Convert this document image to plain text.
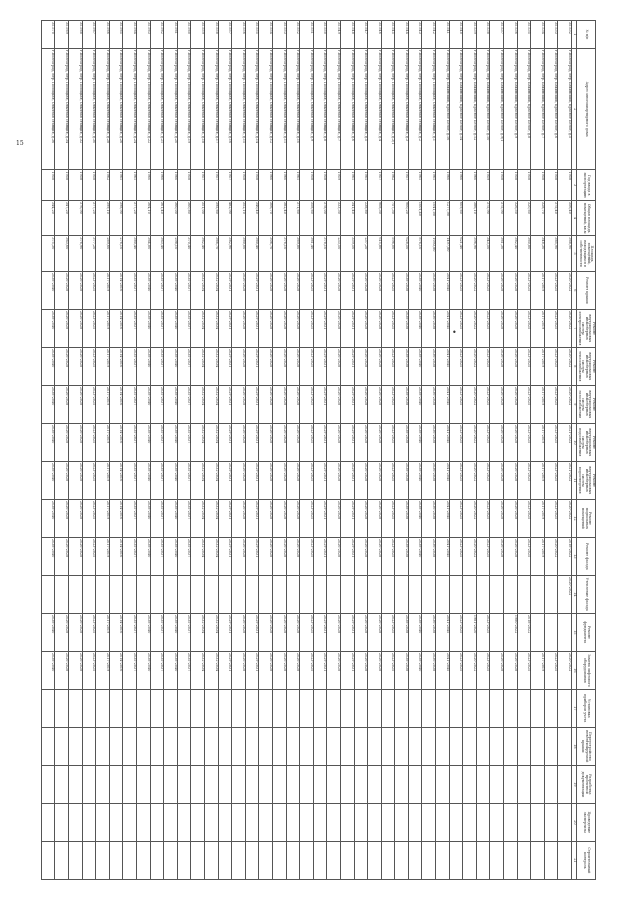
15
№ п/п	Адрес многоквартирного дома	Год ввода в эксплуатацию	Общая площадь помещений, кв.м	Площадь помещений, находящихся в собственности	Ремонт крыши	Ремонт внутридомовых инженерных систем электроснабжения	Ремонт внутридомовых инженерных систем теплоснабжения	Ремонт внутридомовых инженерных систем газоснабжения	Ремонт внутридомовых инженерных систем водоснабжения	Ремонт внутридомовых инженерных систем водоотведения	Ремонт подвальных помещений	Ремонт фасада	Утепление фасада	Ремонт фундамента	Замена лифтового оборудования	Установка приборов учета	Переустройство невентилируемой крыши	Разработка проектной документации	Проведение экспертизы	Строительный контроль
1	2	3	4	5	6	7	8	9	10	11	12	13	14	15	16	17	18	19	20	21
35.532	г.Волгоград, пер. Бакинский, Красное Белое, д.5	1958	356,40	368,90	2020-2022	2020-2022	2020-2022	2020-2022	2021-2022	2021-2022	2020-2022	2018-2022	2020-2022		2020-2022					
35.533	г.Волгоград, пер. Бакинский, Красное Белое, д.6	1958	375,40	385,90	2023-2025	2023-2025	2023-2025	2023-2025	2023-2025	2023-2025	2023-2025	2020-2022			2023-2025					
35.534	г.Волгоград, пер. Бакинский, Красное Белое, д.7	1958	328,70	348,30	2017-2019	2017-2019	2017-2019	2017-2019	2017-2019	2017-2019	2017-2019	2017-2019			2017-2019					
35.535	г.Волгоград, пер. Бакинский, Красное Белое, д.8	1958	320,60	360,80	2023-2025	2023-2025	2023-2025	2023-2025	2023-2025	2023-2025	2023-2025	2023-2025		2018-2022	2023-2025					
35.536	г.Волгоград, пер. Бакинский, Красное Белое, д.9	1958	326,50	382,40	2026-2028	2026-2028	2026-2028	2026-2028	2026-2028	2026-2028	2026-2028	2026-2028		1980-2022	2026-2028					
35.537	г.Волгоград, пер. Бакинский, Красное Белое, д.9/1	1958	375,90	361,30	2026-2028	2026-2028	2026-2028	2026-2028	2026-2028	2026-2028	2026-2028	2026-2028			2026-2028					
35.538	г.Волгоград, пер. Бакинский, Красное Белое, д.10	1959	375,90	343,50	2023-2025	2023-2025	2023-2025	2023-2025	2023-2025	2023-2025	2023-2025	2023-2025		2023-2025	2023-2025					
35.539	г.Волгоград, пер. Бакинский, Красное Белое, д.12	1960	386,10	396,90	2020-2022	2020-2022	2020-2022	2020-2022	2020-2022	2020-2022	2020-2022	2020-2022		1981-2020	2020-2022					
35.540	г.Волгоград, пер. Бакинский, Красное Белое, д.14	1960	609,60	621,40	2023-2025	2023-2025	2023-2025	2023-2025	2023-2025	2023-2025	2023-2025	2023-2025		2023-2025	2023-2025					
35.541	г.Волгоград, пер. Бакинский, Красное Белое, д.16	1960	1277,90	1497,80	2041-2045	2041-2045	2041-2045	2041-2045	2041-2045	2041-2045	2041-2045	2041-2045		2041-2045	2041-2045					
35.542	г.Волгоград, пер. Полоцкая, Опытная станция, д.1	1961	1041,00	1093,80	2036-2038	2036-2038	2036-2038	2036-2038	2036-2038	2036-2038	2036-2038	2036-2038		2036-2038	2036-2038					
35.543	г.Волгоград, пер. Полоцкая, Опытная станция, д.2	1961	1001,40	876,10	2038-2040	2038-2040	2038-2040	2038-2040	2038-2040	2038-2040	2038-2040	2038-2040		2038-2040	2038-2040					
35.544	г.Волгоград, пер. Полоцкая, Опытная станция, д.3	1957	900,20	628,50	2038-2038	2038-2038	2038-2038	2038-2038	2038-2038	2038-2038	2038-2038	2038-2038		2038-2038	2038-2038					
35.545	г.Волгоград, пер. Полоцкая, Опытная станция, д.3/1	1962	757,30	596,00	2023-2025	2023-2025	2023-2025	2023-2025	2023-2025	2023-2025	2023-2025	2023-2025		2023-2025	2023-2025					
35.546	г.Волгоград, пер. Полоцкая, Опытная станция, д.4	1957	908,30	615,80	2026-2028	2026-2028	2026-2028	2026-2028	2026-2028	2026-2028	2026-2028	2026-2028		2026-2028	2026-2028					
35.547	г.Волгоград, пер. Полоцкая, Опытная станция, д.5	1961	238,80	237,20	2026-2028	2026-2028	2026-2028	2026-2028	2026-2028	2026-2028	2026-2028	2026-2028		2026-2028	2026-2028					
35.548	г.Волгоград, пер. Полоцкая, Опытная станция, д.6	1961	341,40	339,50	2029-2031	2029-2031	2029-2031	2029-2031	2029-2031	2029-2031	2029-2031	2029-2031		2029-2031	2029-2031					
35.549	г.Волгоград, пер. Полоцкая, Опытная станция, д.7	1959	333,30	233,50	2026-2028	2026-2028	2026-2028	2026-2028	2026-2028	2026-2028	2026-2028	2026-2028		2026-2028	2026-2028					
35.550	г.Волгоград, пер. Полоцкая, Опытная станция, д.8	1958	378,00	378,10	2029-2031	2029-2031	2029-2031	2029-2031	2029-2031	2029-2031	2029-2031	2029-2031		2029-2031	2029-2031					
35.551	г.Волгоград, пер. Полоцкая, Опытная станция, д.9	1958	358,60	361,40	2023-2025	2023-2025	2023-2025	2023-2025	2023-2025	2023-2025	2023-2025	2023-2025		2023-2025	2023-2025					
35.552	г.Волгоград, пер. Полоцкая, Опытная станция, д.10	1961	371,60	369,80	2026-2028	2026-2028	2026-2028	2026-2028	2026-2028	2026-2028	2026-2028	2026-2028		2026-2028	2026-2028					
35.553	г.Волгоград, пер. Полоцкая, Опытная станция, д.11	1960	382,40	376,10	2026-2028	2026-2028	2026-2028	2026-2028	2026-2028	2026-2028	2026-2028	2026-2028		2026-2028	2026-2028					
35.554	г.Волгоград, пер. Полоцкая, Опытная станция, д.12	1960	306,70	306,70	2026-2028	2026-2028	2026-2028	2026-2028	2026-2028	2026-2028	2026-2028	2026-2028		2026-2028	2026-2028					
35.555	г.Волгоград, пер. Полоцкая, Опытная станция, д.14	1958	340,40	360,40	2029-2031	2029-2031	2029-2031	2029-2031	2029-2031	2029-2031	2029-2031	2029-2031		2029-2031	2029-2031					
35.556	г.Волгоград, пер. Полоцкая, Опытная станция, д.15	1958	352,10	380,00	2026-2028	2026-2028	2026-2028	2026-2028	2026-2028	2026-2028	2026-2028	2026-2028		2026-2028	2026-2028					
35.557	г.Волгоград, пер. Полоцкая, Опытная станция, д.16	1957	482,90	382,90	2029-2031	2029-2031	2029-2031	2029-2031	2029-2031	2029-2031	2029-2031	2029-2031		2029-2031	2029-2031					
35.558	г.Волгоград, пер. Полоцкая, Опытная станция, д.17	1957	395,60	366,70	2032-2034	2032-2034	2032-2034	2032-2034	2032-2034	2032-2034	2032-2034	2032-2034		2032-2034	2032-2034					
35.559	г.Волгоград, пер. Полоцкая, Опытная станция, д.18	1957	351,00	362,40	2032-2034	2032-2034	2032-2034	2032-2034	2032-2034	2032-2034	2032-2034	2032-2034		2032-2034	2032-2034					
35.560	г.Волгоград, пер. Полоцкая, Опытная станция, д.19	1958	360,80	370,40	2035-2037	2035-2037	2035-2037	2035-2037	2035-2037	2035-2037	2035-2037	2035-2037		2035-2037	2035-2037					
35.561	г.Волгоград, пер. Полоцкая, Опытная станция, д.20	1960	360,00	298,10	2038-2040	2038-2040	2038-2040	2038-2040	2038-2040	2038-2040	2038-2040	2038-2040		2038-2040	2038-2040					
35.562	г.Волгоград, пер. Полоцкая, Опытная станция, д.21	1960	361,40	363,40	2035-2037	2035-2037	2035-2037	2035-2037	2035-2037	2035-2037	2035-2037	2035-2037		2035-2037	2035-2037					
35.563	г.Волгоград, пер. Полоцкая, Опытная станция, д.22	1960	364,10	364,80	2038-2040	2038-2040	2038-2040	2038-2040	2038-2040	2038-2040	2038-2040	2038-2040		2038-2040	2038-2040					
35.564	г.Волгоград, пер. Полоцкая, Опытная станция, д.24	1961	377,20	380,40	2035-2037	2035-2037	2035-2037	2035-2037	2035-2037	2035-2037	2035-2037	2035-2037		2035-2037	2035-2037					
35.565	г.Волгоград, пер. Полоцкая, Опытная станция, д.26	1961	398,90	276,10	2014-2016	2014-2016	2014-2016	2014-2016	2014-2016	2014-2016	2014-2016	2014-2016		2014-2016	2014-2016					
35.566	г.Волгоград, пер. Полоцкая, Опытная станция, д.28	1962	399,10	269,60	2017-2019	2017-2019	2017-2019	2017-2019	2017-2019	2017-2019	2017-2019	2017-2019		2017-2019	2017-2019					
35.567	г.Волгоград, пер. Полоцкая, Опытная станция, д.30	1958	377,20	377,20	2023-2025	2023-2025	2023-2025	2023-2025	2023-2025	2023-2025	2023-2025	2023-2025		2023-2025	2023-2025					
35.568	г.Волгоград, пер. Полоцкая, Опытная станция, д.32	1958	376,90	376,90	2026-2028	2026-2028	2026-2028	2026-2028	2026-2028	2026-2028	2026-2028	2026-2028		2026-2028	2026-2028					
35.569	г.Волгоград, пер. Полоцкая, Опытная станция, д.34	1958	347,20	363,60	2026-2028	2026-2028	2026-2028	2026-2028	2026-2028	2026-2028	2026-2028	2026-2028		2026-2028	2026-2028					
35.570	г.Волгоград, пер. Полоцкая, Опытная станция, д.36	1958	344,20	375,30	2038-2040	2038-2040	2038-2040	2038-2040	2038-2040	2038-2040	2038-2040	2038-2040		2038-2040	2038-2040					
•
